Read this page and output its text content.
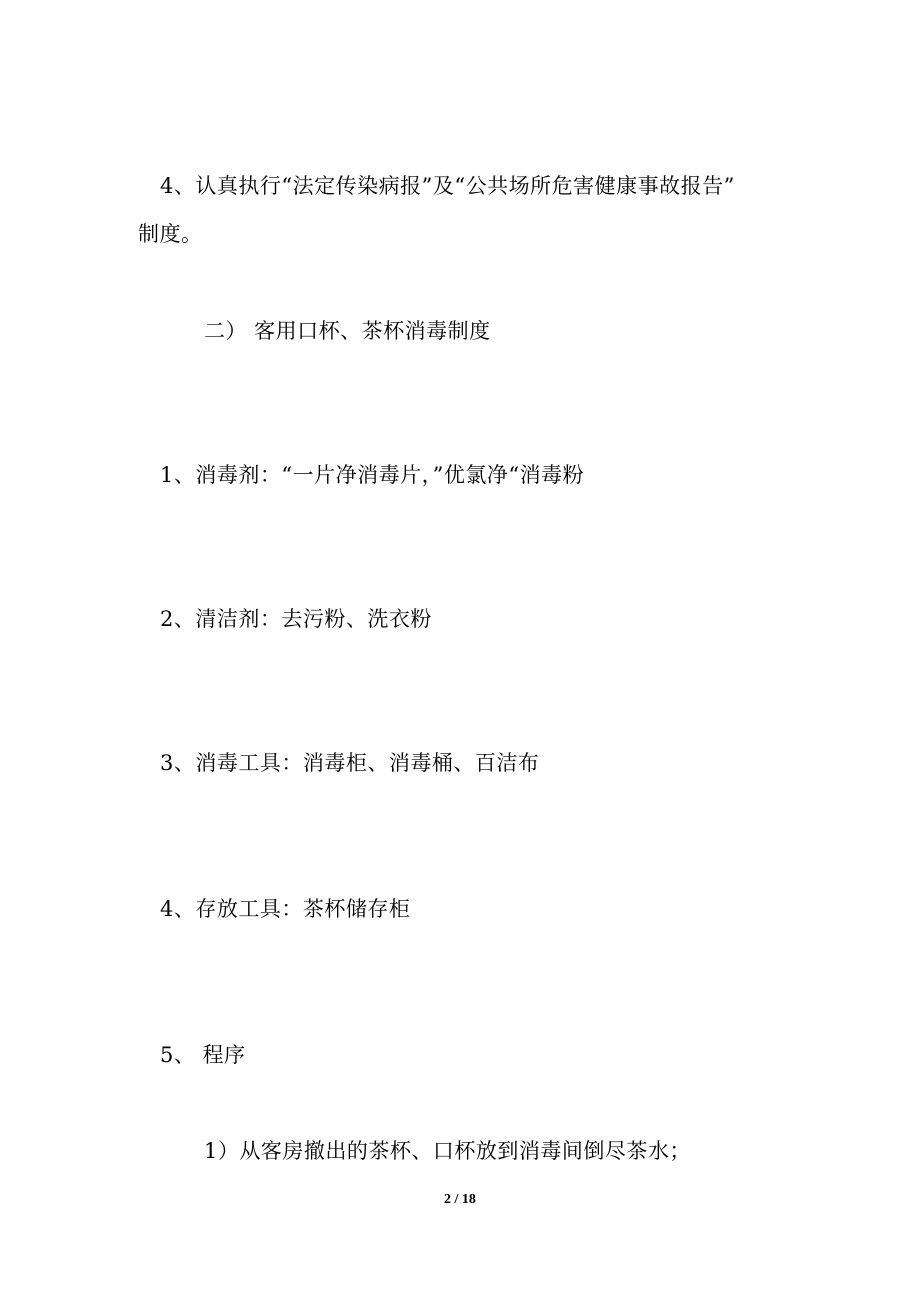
4、认真执行“法定传染病报”及“公共场所危害健康事故报告”
制度。
二） 客用口杯、茶杯消毒制度
1、消毒剂：“一片净消毒片，”优氯净“消毒粉
2、清洁剂：去污粉、洗衣粉
3、消毒工具：消毒柜、消毒桶、百洁布
4、存放工具：茶杯储存柜
5、 程序
1）从客房撤出的茶杯、口杯放到消毒间倒尽茶水；
2 / 18
